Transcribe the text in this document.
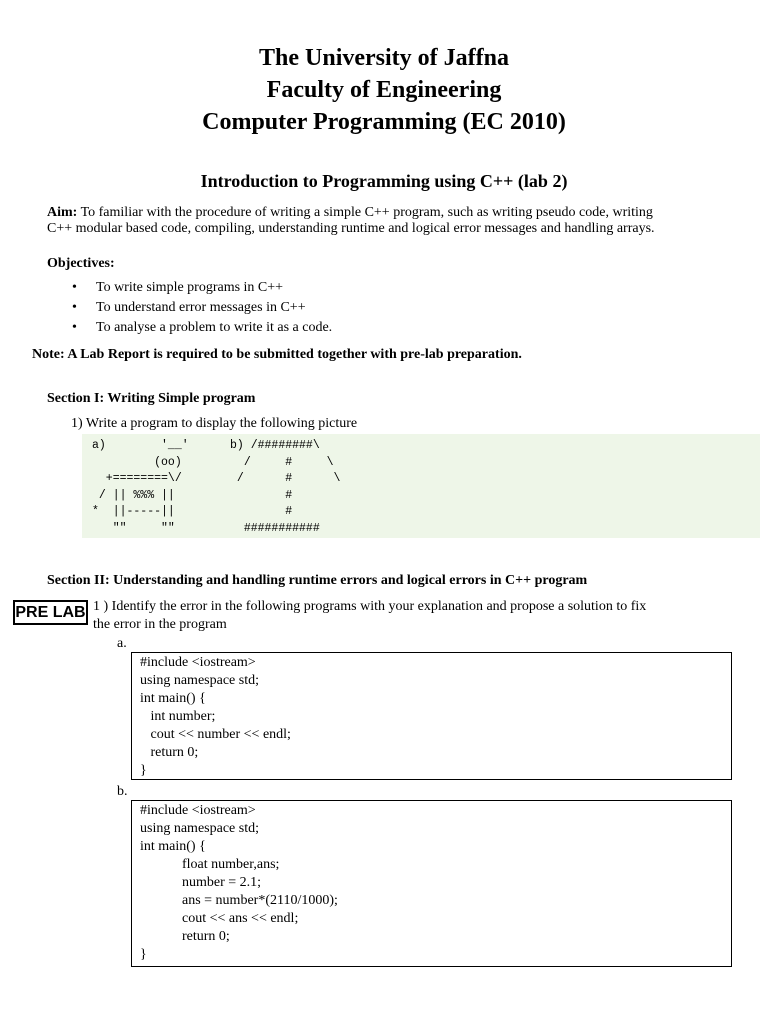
The University of Jaffna
Faculty of Engineering
Computer Programming (EC 2010)
Introduction to Programming using C++ (lab 2)
Aim: To familiar with the procedure of writing a simple C++ program, such as writing pseudo code, writing
C++ modular based code, compiling, understanding runtime and logical error messages and handling arrays.
Objectives:
• To write simple programs in C++
• To understand error messages in C++
• To analyse a problem to write it as a code.
Note: A Lab Report is required to be submitted together with pre-lab preparation.
Section I: Writing Simple program
1) Write a program to display the following picture
a)        '__'      b) /########\
(oo)         /     #     \
+========\/        /      #      \
/ || %%% ||                #
*  ||-----||                #
""     ""          ###########
Section II: Understanding and handling runtime errors and logical errors in C++ program
PRE LAB 1 ) Identify the error in the following programs with your explanation and propose a solution to fix
the error in the program
a.
#include <iostream>
using namespace std;
int main() {
int number;
cout << number << endl;
return 0;
}
b.
#include <iostream>
using namespace std;
int main() {
float number,ans;
number = 2.1;
ans = number*(2110/1000);
cout << ans << endl;
return 0;
}
